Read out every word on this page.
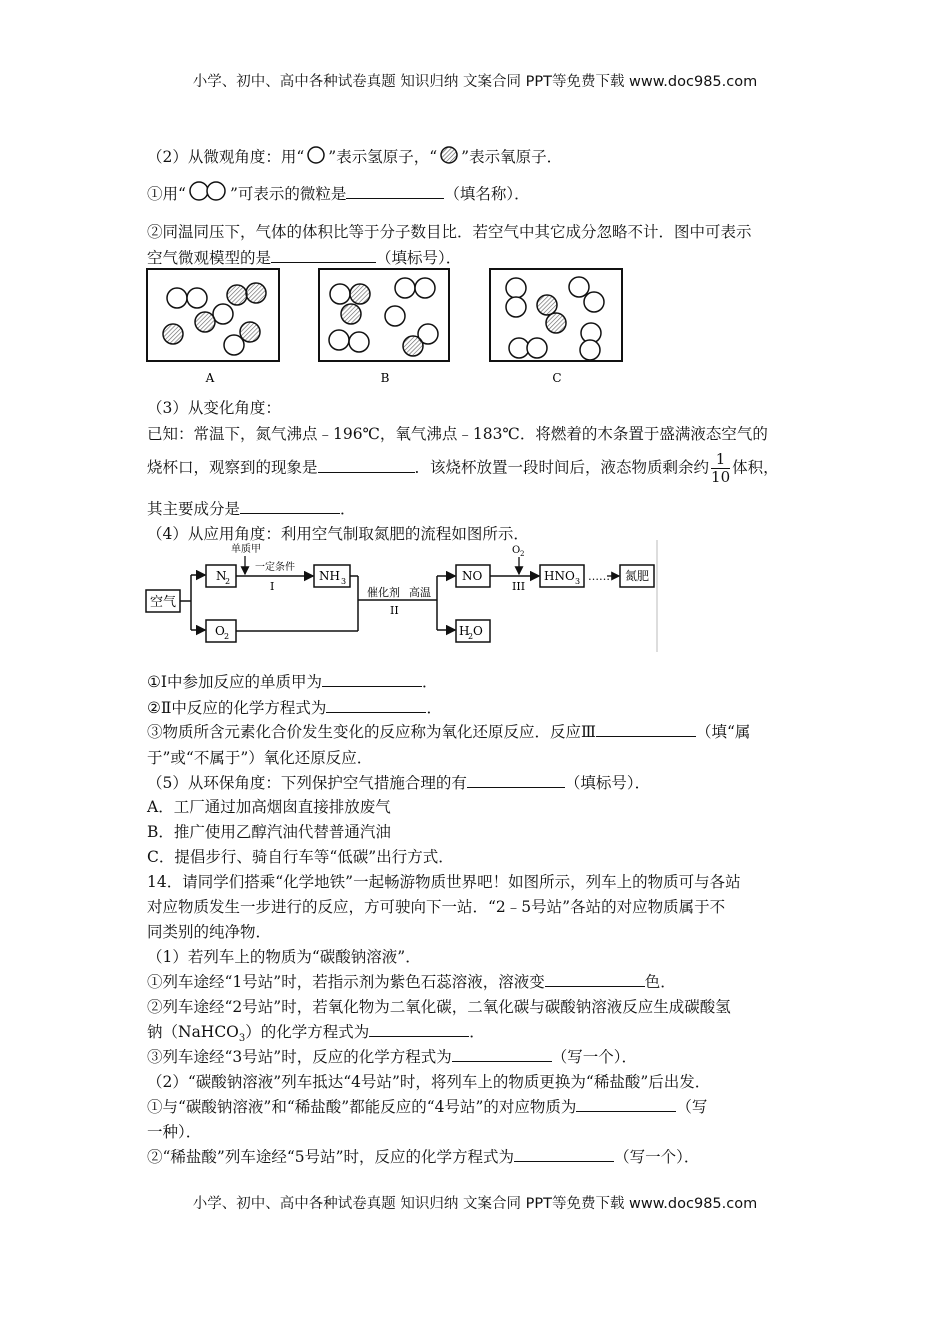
小学、初中、高中各种试卷真题 知识归纳 文案合同 PPT等免费下载 www.doc985.com
（2）从微观角度：用“ ”表示氢原子，“ ”表示氧原子．
①用“	”可表示的微粒是	（填名称）．
②同温同压下，气体的体积比等于分子数目比．若空气中其它成分忽略不计．图中可表示
空气微观模型的是	（填标号）．
A	B	C
（3）从变化角度：
已知：常温下，氮气沸点﹣196℃，氧气沸点﹣183℃．将燃着的木条置于盛满液态空气的
烧杯口，观察到的现象是	．该烧杯放置一段时间后，液态物质剩余约 $\frac{1}{10}$ 体积，
其主要成分是	．
（4）从应用角度：利用空气制取氮肥的流程如图所示．
空气
N
2
O 2
单质甲
一定条件
I
NH 3
催化剂 高温
II
NO
H
2 O
O 2
III
HNO 3 …… 氮肥
①Ⅰ中参加反应的单质甲为	．
②Ⅱ中反应的化学方程式为	．
③物质所含元素化合价发生变化的反应称为氧化还原反应．反应Ⅲ	（填“属
于”或“不属于”）氧化还原反应．
（5）从环保角度：下列保护空气措施合理的有	（填标号）．
A．工厂通过加高烟囱直接排放废气
B．推广使用乙醇汽油代替普通汽油
C．提倡步行、骑自行车等“低碳”出行方式．
14．请同学们搭乘“化学地铁”一起畅游物质世界吧！如图所示，列车上的物质可与各站
对应物质发生一步进行的反应，方可驶向下一站．“2﹣5号站”各站的对应物质属于不
同类别的纯净物．
（1）若列车上的物质为“碳酸钠溶液”．
①列车途经“1号站”时，若指示剂为紫色石蕊溶液，溶液变	色．
②列车途经“2号站”时，若氧化物为二氧化碳，二氧化碳与碳酸钠溶液反应生成碳酸氢
钠（NaHCO$_3$）的化学方程式为	．
③列车途经“3号站”时，反应的化学方程式为	（写一个）．
（2）“碳酸钠溶液”列车抵达“4号站”时，将列车上的物质更换为“稀盐酸”后出发．
①与“碳酸钠溶液”和“稀盐酸”都能反应的“4号站”的对应物质为	（写
一种）．
②“稀盐酸”列车途经“5号站”时，反应的化学方程式为	（写一个）．
小学、初中、高中各种试卷真题 知识归纳 文案合同 PPT等免费下载 www.doc985.com
